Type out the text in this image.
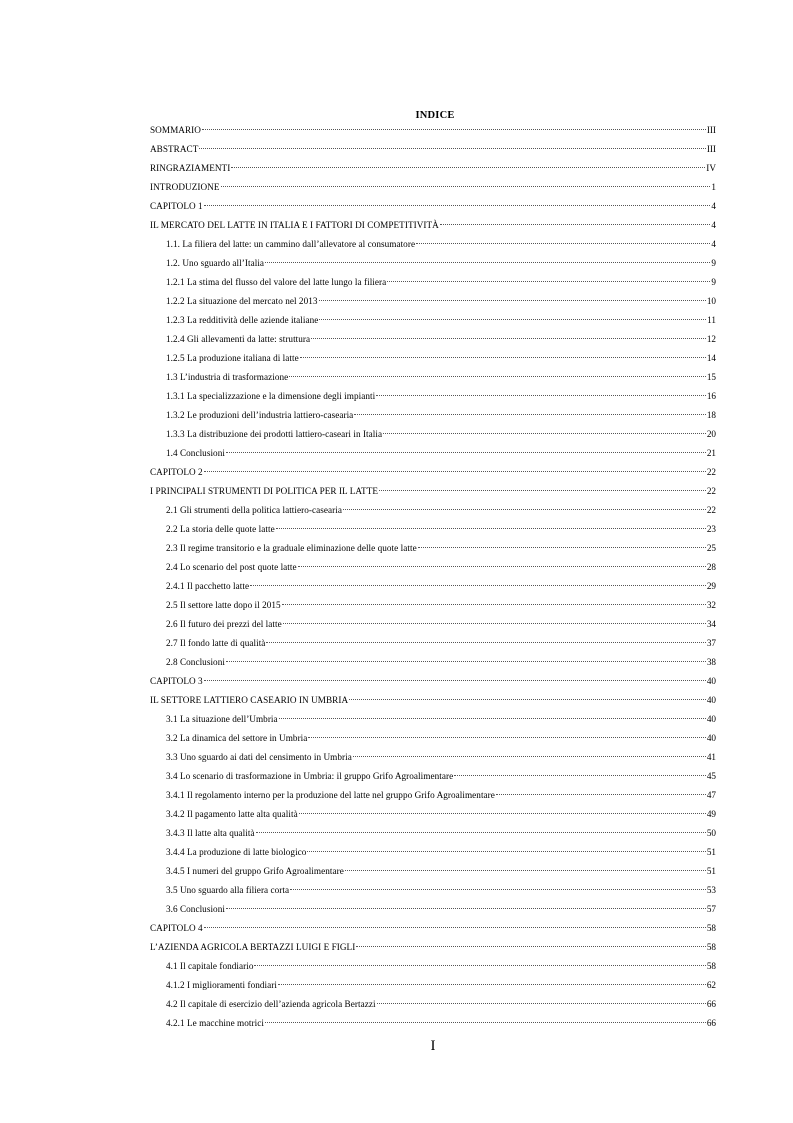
INDICE
SOMMARIO	III
ABSTRACT	III
RINGRAZIAMENTI	IV
INTRODUZIONE	1
CAPITOLO 1	4
IL MERCATO DEL LATTE IN ITALIA E I FATTORI DI COMPETITIVITÀ	4
1.1. La filiera del latte: un cammino dall’allevatore al consumatore	4
1.2. Uno sguardo all’Italia	9
1.2.1 La stima del flusso del valore del latte lungo la filiera	9
1.2.2 La situazione del mercato nel 2013	10
1.2.3 La redditività delle aziende italiane	11
1.2.4 Gli allevamenti da latte: struttura	12
1.2.5 La produzione italiana di latte	14
1.3 L’industria di trasformazione	15
1.3.1 La specializzazione e la dimensione degli impianti	16
1.3.2 Le produzioni dell’industria lattiero-casearia	18
1.3.3 La distribuzione dei prodotti lattiero-caseari in Italia	20
1.4 Conclusioni	21
CAPITOLO 2	22
I PRINCIPALI STRUMENTI DI POLITICA PER IL LATTE	22
2.1 Gli strumenti della politica lattiero-casearia	22
2.2 La storia delle quote latte	23
2.3 Il regime transitorio e la graduale eliminazione delle quote latte	25
2.4 Lo scenario del post quote latte	28
2.4.1 Il pacchetto latte	29
2.5 Il settore latte dopo il 2015	32
2.6 Il futuro dei prezzi del latte	34
2.7 Il fondo latte di qualità	37
2.8 Conclusioni	38
CAPITOLO 3	40
IL SETTORE LATTIERO CASEARIO IN UMBRIA	40
3.1 La situazione dell’Umbria	40
3.2 La dinamica del settore in Umbria	40
3.3 Uno sguardo ai dati del censimento in Umbria	41
3.4 Lo scenario di trasformazione in Umbria: il gruppo Grifo Agroalimentare	45
3.4.1 Il regolamento interno per la produzione del latte nel gruppo Grifo Agroalimentare	47
3.4.2 Il pagamento latte alta qualità	49
3.4.3 Il latte alta qualità	50
3.4.4 La produzione di latte biologico	51
3.4.5 I numeri del gruppo Grifo Agroalimentare	51
3.5 Uno sguardo alla filiera corta	53
3.6 Conclusioni	57
CAPITOLO 4	58
L’AZIENDA AGRICOLA BERTAZZI LUIGI E FIGLI	58
4.1 Il capitale fondiario	58
4.1.2 I miglioramenti fondiari	62
4.2 Il capitale di esercizio dell’azienda agricola Bertazzi	66
4.2.1 Le macchine motrici	66
I
